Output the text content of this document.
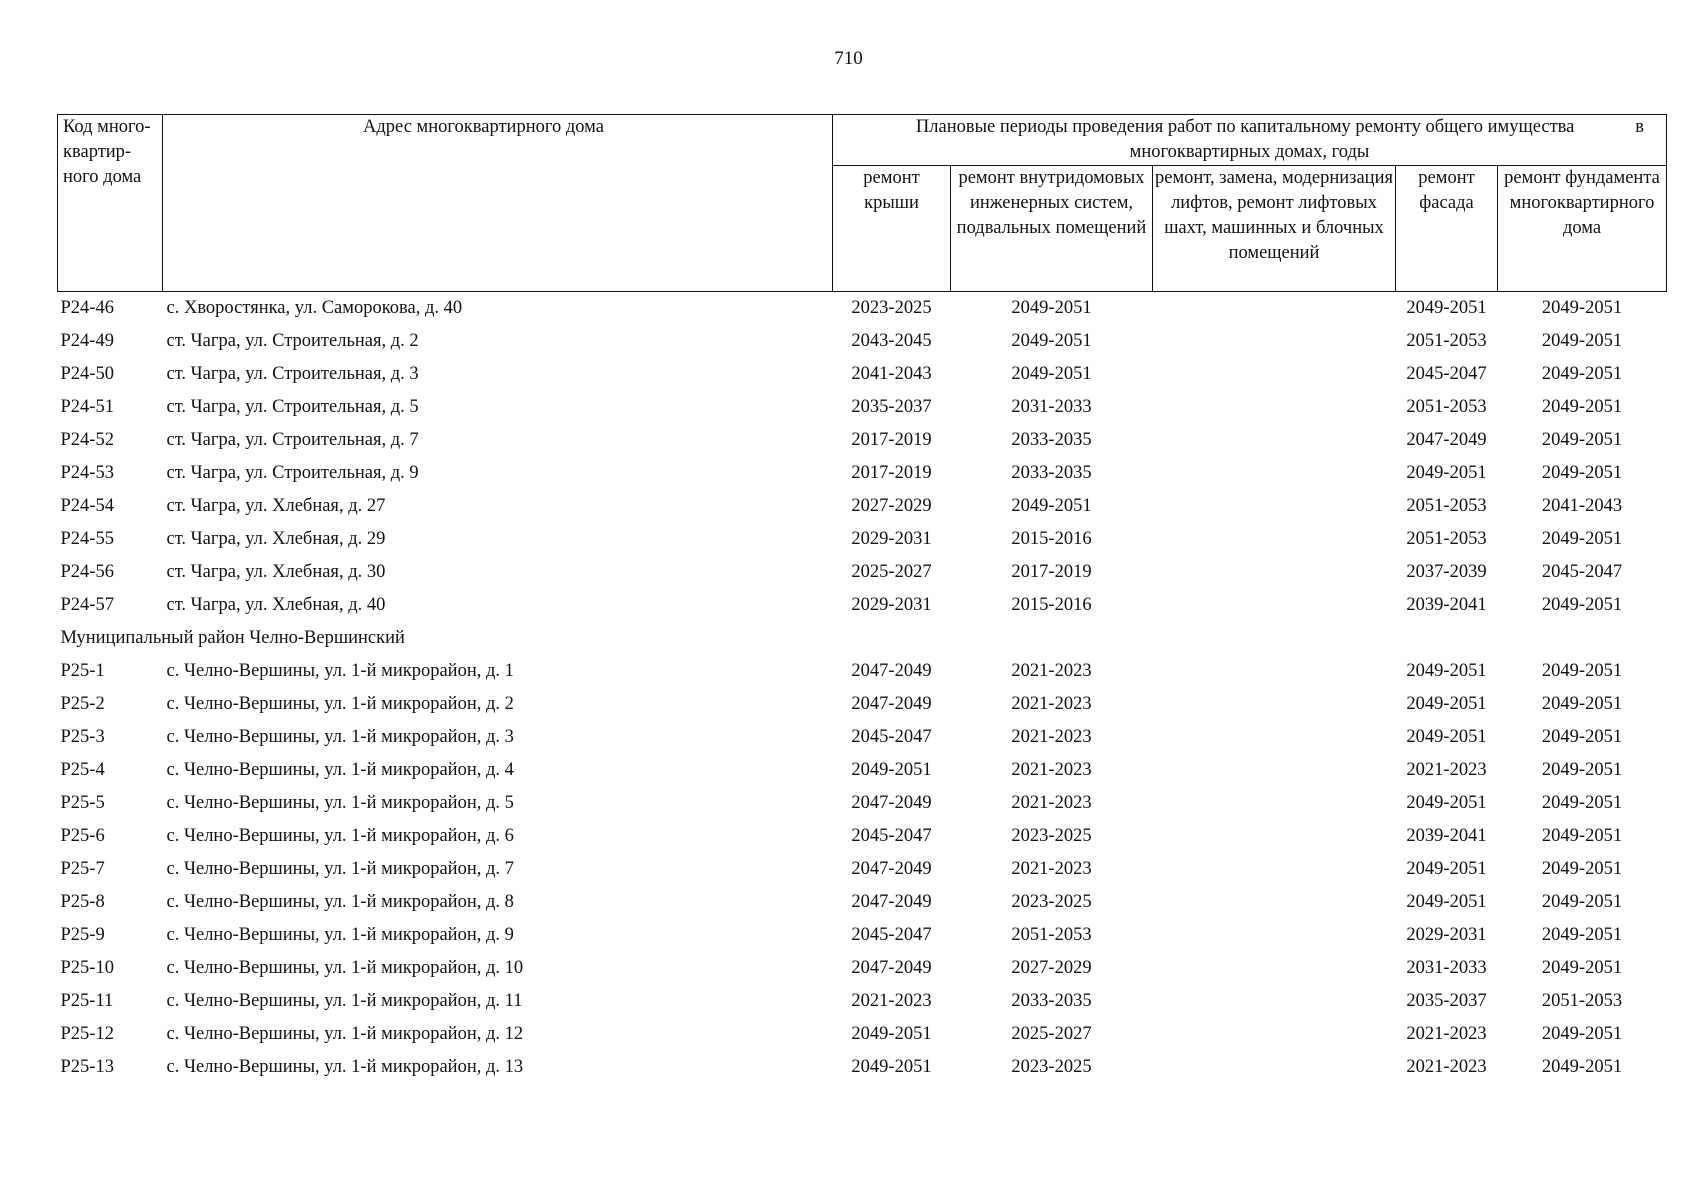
710
Код много-квартир-ного дома	Адрес многоквартирного дома	Плановые периоды проведения работ по капитальному ремонту общего имущества в
многоквартирных домах, годы				

		ремонт крыши	ремонт внутридомовых инженерных систем, подвальных помещений	ремонт, замена, модернизация лифтов, ремонт лифтовых шахт, машинных и блочных помещений	ремонт фасада	ремонт фундамента многоквартирного дома
Р24-46	с. Хворостянка, ул. Саморокова, д. 40	2023-2025	2049-2051		2049-2051	2049-2051
Р24-49	ст. Чагра, ул. Строительная, д. 2	2043-2045	2049-2051		2051-2053	2049-2051
Р24-50	ст. Чагра, ул. Строительная, д. 3	2041-2043	2049-2051		2045-2047	2049-2051
Р24-51	ст. Чагра, ул. Строительная, д. 5	2035-2037	2031-2033		2051-2053	2049-2051
Р24-52	ст. Чагра, ул. Строительная, д. 7	2017-2019	2033-2035		2047-2049	2049-2051
Р24-53	ст. Чагра, ул. Строительная, д. 9	2017-2019	2033-2035		2049-2051	2049-2051
Р24-54	ст. Чагра, ул. Хлебная, д. 27	2027-2029	2049-2051		2051-2053	2041-2043
Р24-55	ст. Чагра, ул. Хлебная, д. 29	2029-2031	2015-2016		2051-2053	2049-2051
Р24-56	ст. Чагра, ул. Хлебная, д. 30	2025-2027	2017-2019		2037-2039	2045-2047
Р24-57	ст. Чагра, ул. Хлебная, д. 40	2029-2031	2015-2016		2039-2041	2049-2051
Муниципальный район Челно-Вершинский						
Р25-1	с. Челно-Вершины, ул. 1-й микрорайон, д. 1	2047-2049	2021-2023		2049-2051	2049-2051
Р25-2	с. Челно-Вершины, ул. 1-й микрорайон, д. 2	2047-2049	2021-2023		2049-2051	2049-2051
Р25-3	с. Челно-Вершины, ул. 1-й микрорайон, д. 3	2045-2047	2021-2023		2049-2051	2049-2051
Р25-4	с. Челно-Вершины, ул. 1-й микрорайон, д. 4	2049-2051	2021-2023		2021-2023	2049-2051
Р25-5	с. Челно-Вершины, ул. 1-й микрорайон, д. 5	2047-2049	2021-2023		2049-2051	2049-2051
Р25-6	с. Челно-Вершины, ул. 1-й микрорайон, д. 6	2045-2047	2023-2025		2039-2041	2049-2051
Р25-7	с. Челно-Вершины, ул. 1-й микрорайон, д. 7	2047-2049	2021-2023		2049-2051	2049-2051
Р25-8	с. Челно-Вершины, ул. 1-й микрорайон, д. 8	2047-2049	2023-2025		2049-2051	2049-2051
Р25-9	с. Челно-Вершины, ул. 1-й микрорайон, д. 9	2045-2047	2051-2053		2029-2031	2049-2051
Р25-10	с. Челно-Вершины, ул. 1-й микрорайон, д. 10	2047-2049	2027-2029		2031-2033	2049-2051
Р25-11	с. Челно-Вершины, ул. 1-й микрорайон, д. 11	2021-2023	2033-2035		2035-2037	2051-2053
Р25-12	с. Челно-Вершины, ул. 1-й микрорайон, д. 12	2049-2051	2025-2027		2021-2023	2049-2051
Р25-13	с. Челно-Вершины, ул. 1-й микрорайон, д. 13	2049-2051	2023-2025		2021-2023	2049-2051
